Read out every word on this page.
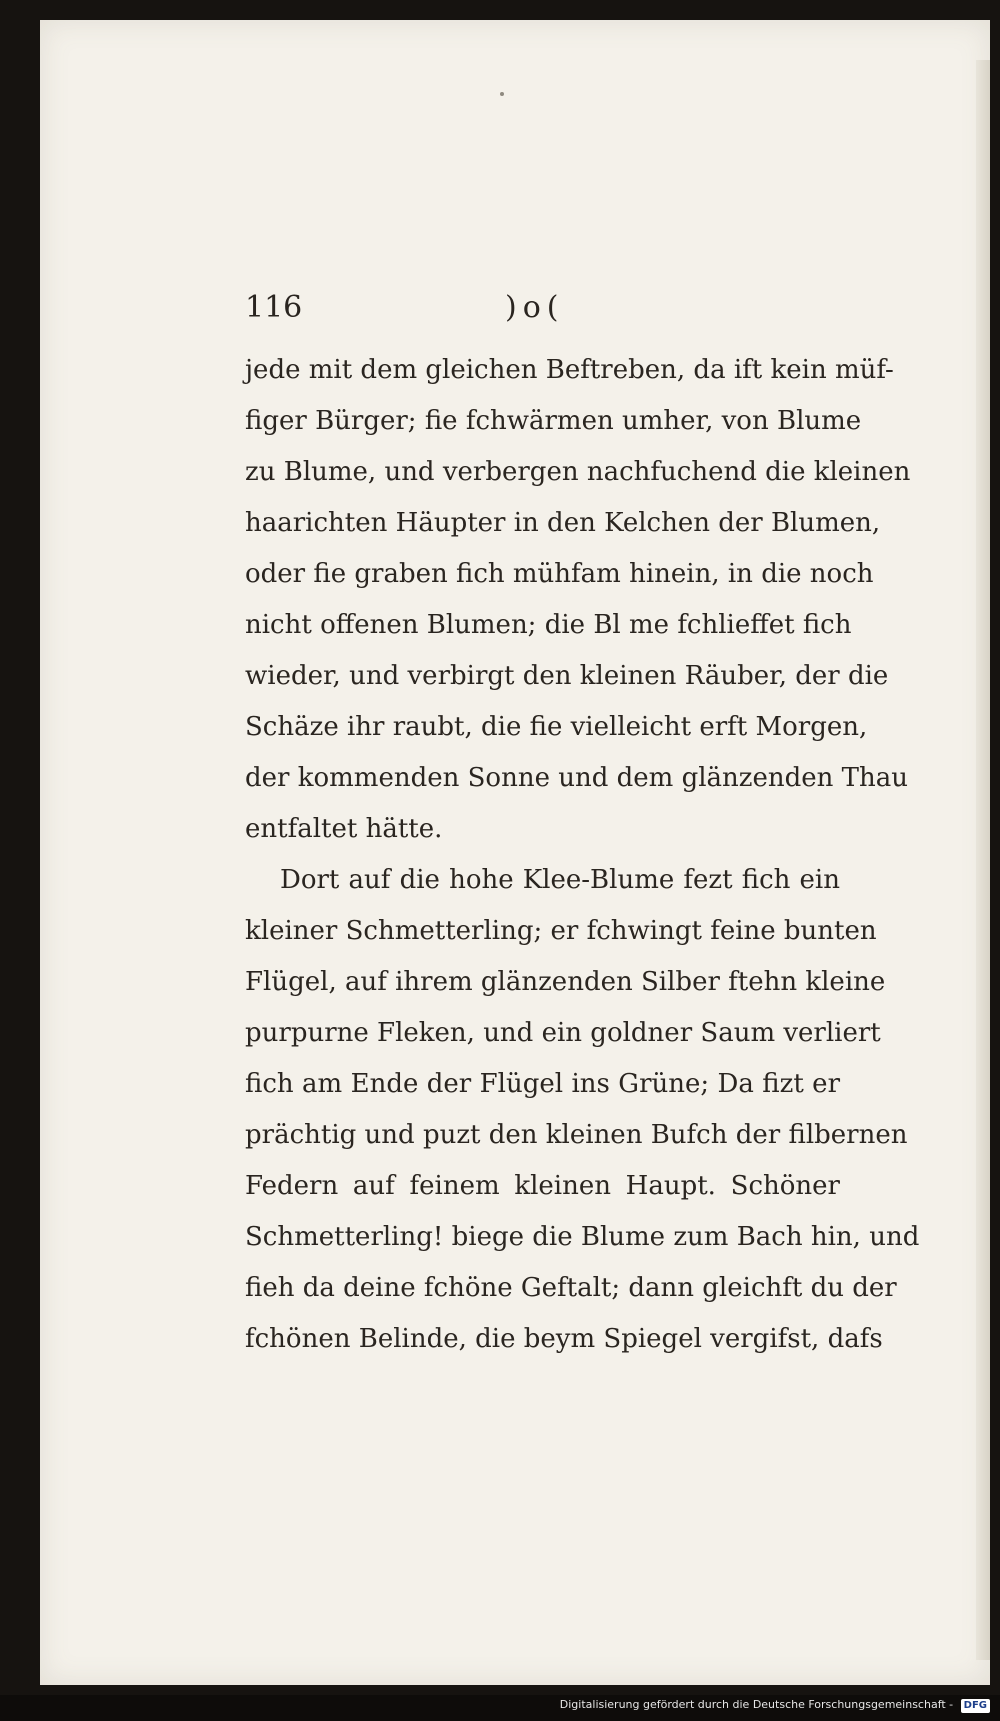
116	)o(
jede mit dem gleichen Beftreben, da ift kein müf-
figer Bürger; fie fchwärmen umher, von Blume
zu Blume, und verbergen nachfuchend die kleinen
haarichten Häupter in den Kelchen der Blumen,
oder fie graben fich mühfam hinein, in die noch
nicht offenen Blumen; die Bl me fchlieffet fich
wieder, und verbirgt den kleinen Räuber, der die
Schäze ihr raubt, die fie vielleicht erft Morgen,
der kommenden Sonne und dem glänzenden Thau
entfaltet hätte.
Dort auf die hohe Klee-Blume fezt fich ein
kleiner Schmetterling; er fchwingt feine bunten
Flügel, auf ihrem glänzenden Silber ftehn kleine
purpurne Fleken, und ein goldner Saum verliert
fich am Ende der Flügel ins Grüne; Da fizt er
prächtig und puzt den kleinen Bufch der filbernen
Federn auf feinem kleinen Haupt. Schöner
Schmetterling! biege die Blume zum Bach hin, und
fieh da deine fchöne Geftalt; dann gleichft du der
fchönen Belinde, die beym Spiegel vergifst, dafs
Digitalisierung gefördert durch die Deutsche Forschungsgemeinschaft - DFG
